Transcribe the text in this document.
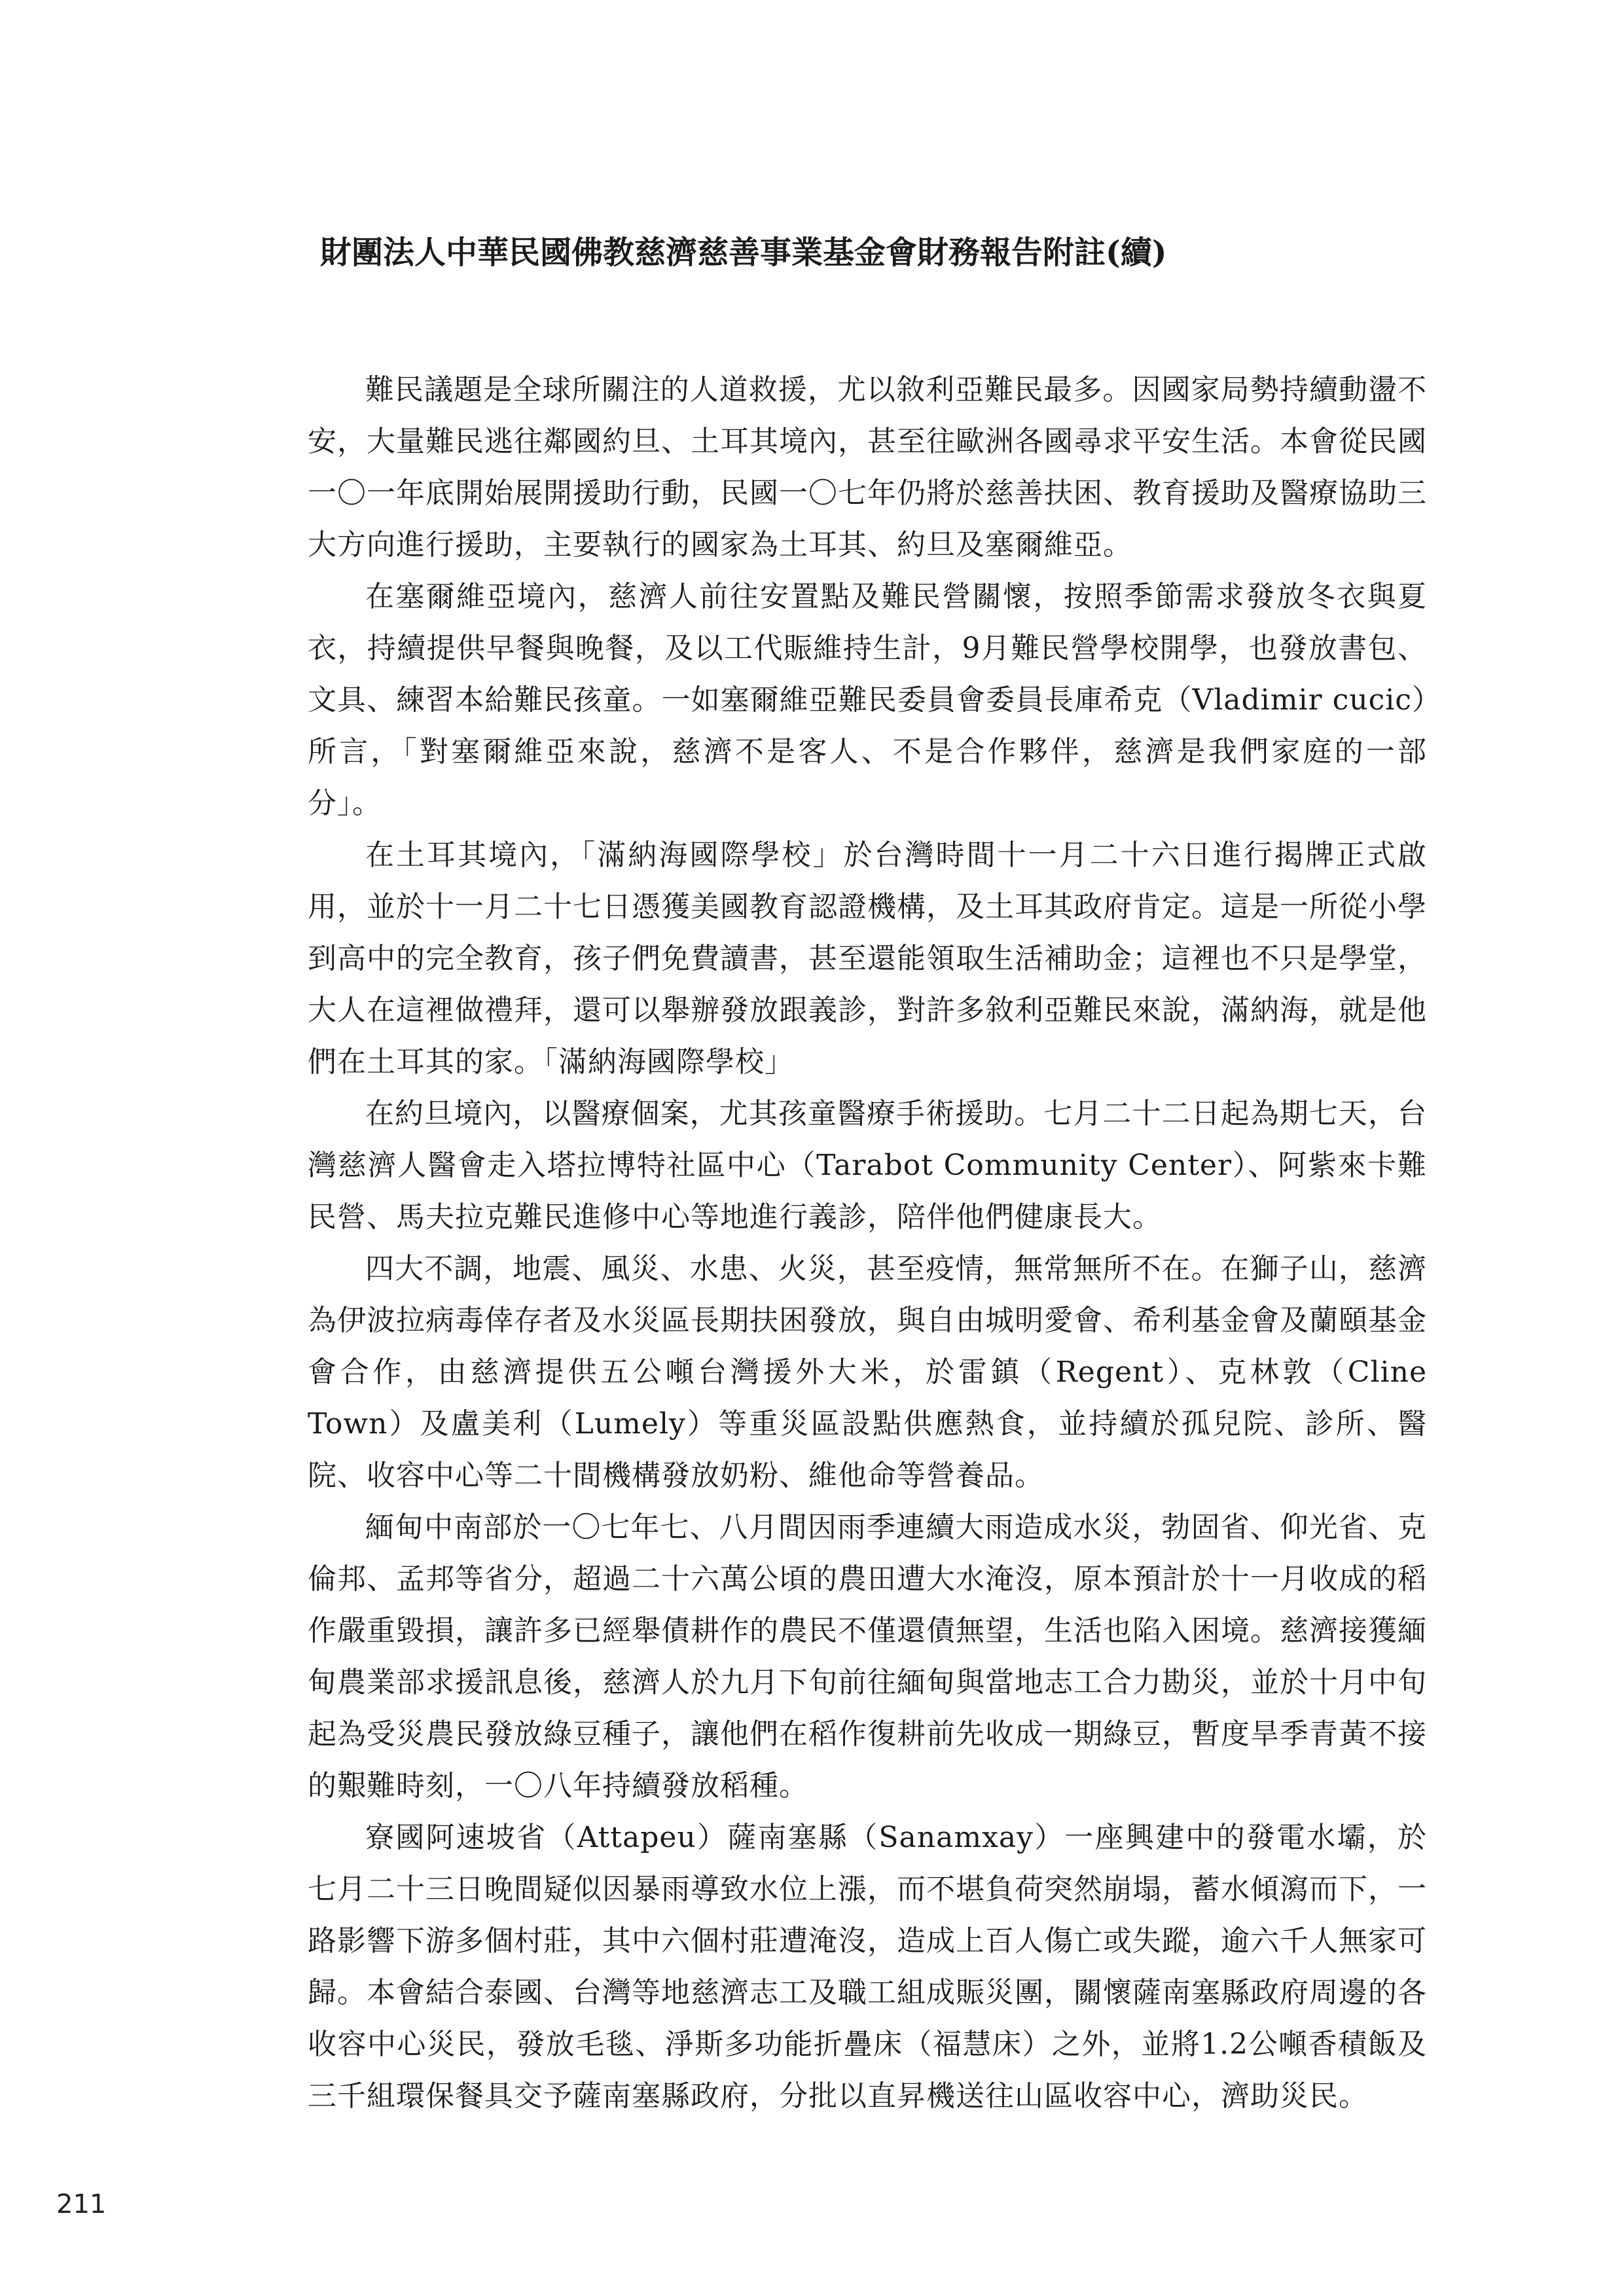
財團法人中華民國佛教慈濟慈善事業基金會財務報告附註(續)

難民議題是全球所關注的人道救援，尤以敘利亞難民最多。因國家局勢持續動盪不安，大量難民逃往鄰國約旦、土耳其境內，甚至往歐洲各國尋求平安生活。本會從民國一〇一年底開始展開援助行動，民國一〇七年仍將於慈善扶困、教育援助及醫療協助三大方向進行援助，主要執行的國家為土耳其、約旦及塞爾維亞。

在塞爾維亞境內，慈濟人前往安置點及難民營關懷，按照季節需求發放冬衣與夏衣，持續提供早餐與晚餐，及以工代賑維持生計，9月難民營學校開學，也發放書包、文具、練習本給難民孩童。一如塞爾維亞難民委員會委員長庫希克（Vladimir cucic）所言，「對塞爾維亞來說，慈濟不是客人、不是合作夥伴，慈濟是我們家庭的一部分」。

在土耳其境內，「滿納海國際學校」於台灣時間十一月二十六日進行揭牌正式啟用，並於十一月二十七日憑獲美國教育認證機構，及土耳其政府肯定。這是一所從小學到高中的完全教育，孩子們免費讀書，甚至還能領取生活補助金；這裡也不只是學堂，大人在這裡做禮拜，還可以舉辦發放跟義診，對許多敘利亞難民來說，滿納海，就是他們在土耳其的家。「滿納海國際學校」

在約旦境內，以醫療個案，尤其孩童醫療手術援助。七月二十二日起為期七天，台灣慈濟人醫會走入塔拉博特社區中心（Tarabot Community Center）、阿紫來卡難民營、馬夫拉克難民進修中心等地進行義診，陪伴他們健康長大。

四大不調，地震、風災、水患、火災，甚至疫情，無常無所不在。在獅子山，慈濟為伊波拉病毒倖存者及水災區長期扶困發放，與自由城明愛會、希利基金會及蘭頤基金會合作，由慈濟提供五公噸台灣援外大米，於雷鎮（Regent）、克林敦（Cline Town）及盧美利（Lumely）等重災區設點供應熱食，並持續於孤兒院、診所、醫院、收容中心等二十間機構發放奶粉、維他命等營養品。

緬甸中南部於一〇七年七、八月間因雨季連續大雨造成水災，勃固省、仰光省、克倫邦、孟邦等省分，超過二十六萬公頃的農田遭大水淹沒，原本預計於十一月收成的稻作嚴重毀損，讓許多已經舉債耕作的農民不僅還債無望，生活也陷入困境。慈濟接獲緬甸農業部求援訊息後，慈濟人於九月下旬前往緬甸與當地志工合力勘災，並於十月中旬起為受災農民發放綠豆種子，讓他們在稻作復耕前先收成一期綠豆，暫度旱季青黃不接的艱難時刻，一〇八年持續發放稻種。

寮國阿速坡省（Attapeu）薩南塞縣（Sanamxay）一座興建中的發電水壩，於七月二十三日晚間疑似因暴雨導致水位上漲，而不堪負荷突然崩塌，蓄水傾瀉而下，一路影響下游多個村莊，其中六個村莊遭淹沒，造成上百人傷亡或失蹤，逾六千人無家可歸。本會結合泰國、台灣等地慈濟志工及職工組成賑災團，關懷薩南塞縣政府周邊的各收容中心災民，發放毛毯、淨斯多功能折疊床（福慧床）之外，並將1.2公噸香積飯及三千組環保餐具交予薩南塞縣政府，分批以直昇機送往山區收容中心，濟助災民。

211
